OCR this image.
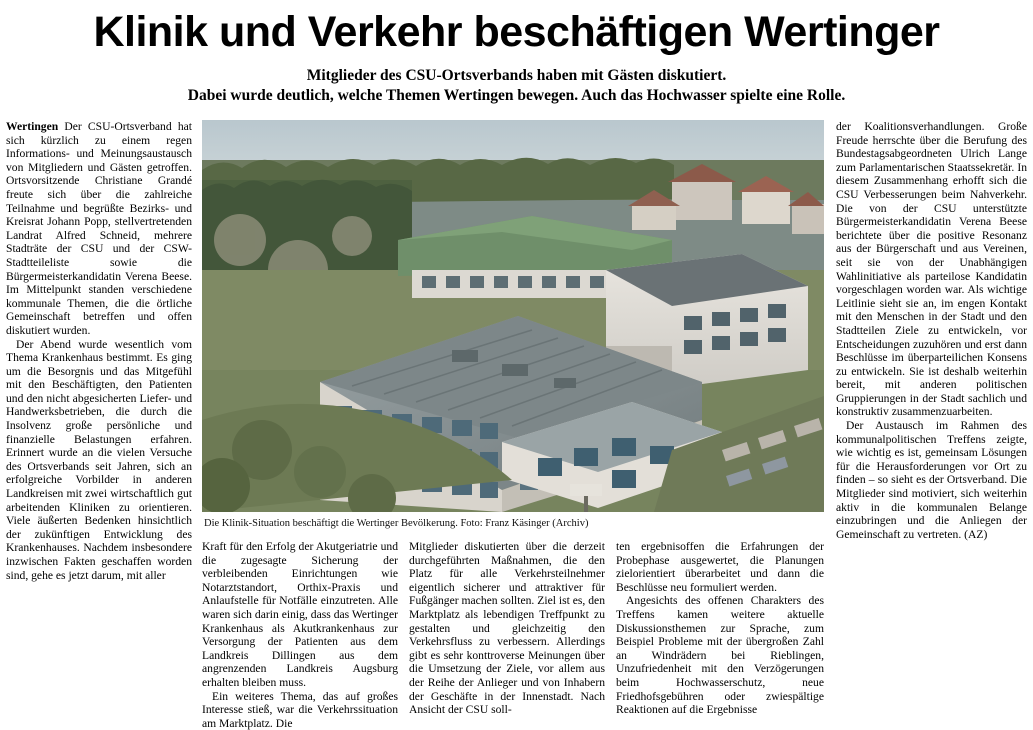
Klinik und Verkehr beschäftigen Wertinger
Mitglieder des CSU-Ortsverbands haben mit Gästen diskutiert.
Dabei wurde deutlich, welche Themen Wertingen bewegen. Auch das Hochwasser spielte eine Rolle.

Wertingen Der CSU-Ortsverband hat sich kürzlich zu einem regen Informations- und Meinungsaustausch von Mitgliedern und Gästen getroffen. Ortsvorsitzende Christiane Grandé freute sich über die zahlreiche Teilnahme und begrüßte Bezirks- und Kreisrat Johann Popp, stellvertretenden Landrat Alfred Schneid, mehrere Stadträte der CSU und der CSW-Stadtteileliste sowie die Bürgermeisterkandidatin Verena Beese. Im Mittelpunkt standen verschiedene kommunale Themen, die die örtliche Gemeinschaft betreffen und offen diskutiert wurden.

Der Abend wurde wesentlich vom Thema Krankenhaus bestimmt. Es ging um die Besorgnis und das Mitgefühl mit den Beschäftigten, den Patienten und den nicht abgesicherten Liefer- und Handwerksbetrieben, die durch die Insolvenz große persönliche und finanzielle Belastungen erfahren. Erinnert wurde an die vielen Versuche des Ortsverbands seit Jahren, sich an erfolgreiche Vorbilder in anderen Landkreisen mit zwei wirtschaftlich gut arbeitenden Kliniken zu orientieren. Viele äußerten Bedenken hinsichtlich der zukünftigen Entwicklung des Krankenhauses. Nachdem insbesondere inzwischen Fakten geschaffen worden sind, gehe es jetzt darum, mit aller

Die Klinik-Situation beschäftigt die Wertinger Bevölkerung. Foto: Franz Käsinger (Archiv)

Kraft für den Erfolg der Akutgeriatrie und die zugesagte Sicherung der verbleibenden Einrichtungen wie Notarztstandort, Orthix-Praxis und Anlaufstelle für Notfälle einzutreten. Alle waren sich darin einig, dass das Wertinger Krankenhaus als Akutkrankenhaus zur Versorgung der Patienten aus dem Landkreis Dillingen aus dem angrenzenden Landkreis Augsburg erhalten bleiben muss.

Ein weiteres Thema, das auf großes Interesse stieß, war die Verkehrssituation am Marktplatz. Die

Mitglieder diskutierten über die derzeit durchgeführten Maßnahmen, die den Platz für alle Verkehrsteilnehmer eigentlich sicherer und attraktiver für Fußgänger machen sollten. Ziel ist es, den Marktplatz als lebendigen Treffpunkt zu gestalten und gleichzeitig den Verkehrsfluss zu verbessern. Allerdings gibt es sehr konttroverse Meinungen über die Umsetzung der Ziele, vor allem aus der Reihe der Anlieger und von Inhabern der Geschäfte in der Innenstadt. Nach Ansicht der CSU soll-

ten ergebnisoffen die Erfahrungen der Probephase ausgewertet, die Planungen zielorientiert überarbeitet und dann die Beschlüsse neu formuliert werden.

Angesichts des offenen Charakters des Treffens kamen weitere aktuelle Diskussionsthemen zur Sprache, zum Beispiel Probleme mit der übergroßen Zahl an Windrädern bei Rieblingen, Unzufriedenheit mit den Verzögerungen beim Hochwasserschutz, neue Friedhofsgebühren oder zwiespältige Reaktionen auf die Ergebnisse

der Koalitionsverhandlungen. Große Freude herrschte über die Berufung des Bundestagsabgeordneten Ulrich Lange zum Parlamentarischen Staatssekretär. In diesem Zusammenhang erhofft sich die CSU Verbesserungen beim Nahverkehr. Die von der CSU unterstützte Bürgermeisterkandidatin Verena Beese berichtete über die positive Resonanz aus der Bürgerschaft und aus Vereinen, seit sie von der Unabhängigen Wahlinitiative als parteilose Kandidatin vorgeschlagen worden war. Als wichtige Leitlinie sieht sie an, im engen Kontakt mit den Menschen in der Stadt und den Stadtteilen Ziele zu entwickeln, vor Entscheidungen zuzuhören und erst dann Beschlüsse im überparteilichen Konsens zu entwickeln. Sie ist deshalb weiterhin bereit, mit anderen politischen Gruppierungen in der Stadt sachlich und konstruktiv zusammenzuarbeiten.

Der Austausch im Rahmen des kommunalpolitischen Treffens zeigte, wie wichtig es ist, gemeinsam Lösungen für die Herausforderungen vor Ort zu finden – so sieht es der Ortsverband. Die Mitglieder sind motiviert, sich weiterhin aktiv in die kommunalen Belange einzubringen und die Anliegen der Gemeinschaft zu vertreten. (AZ)
